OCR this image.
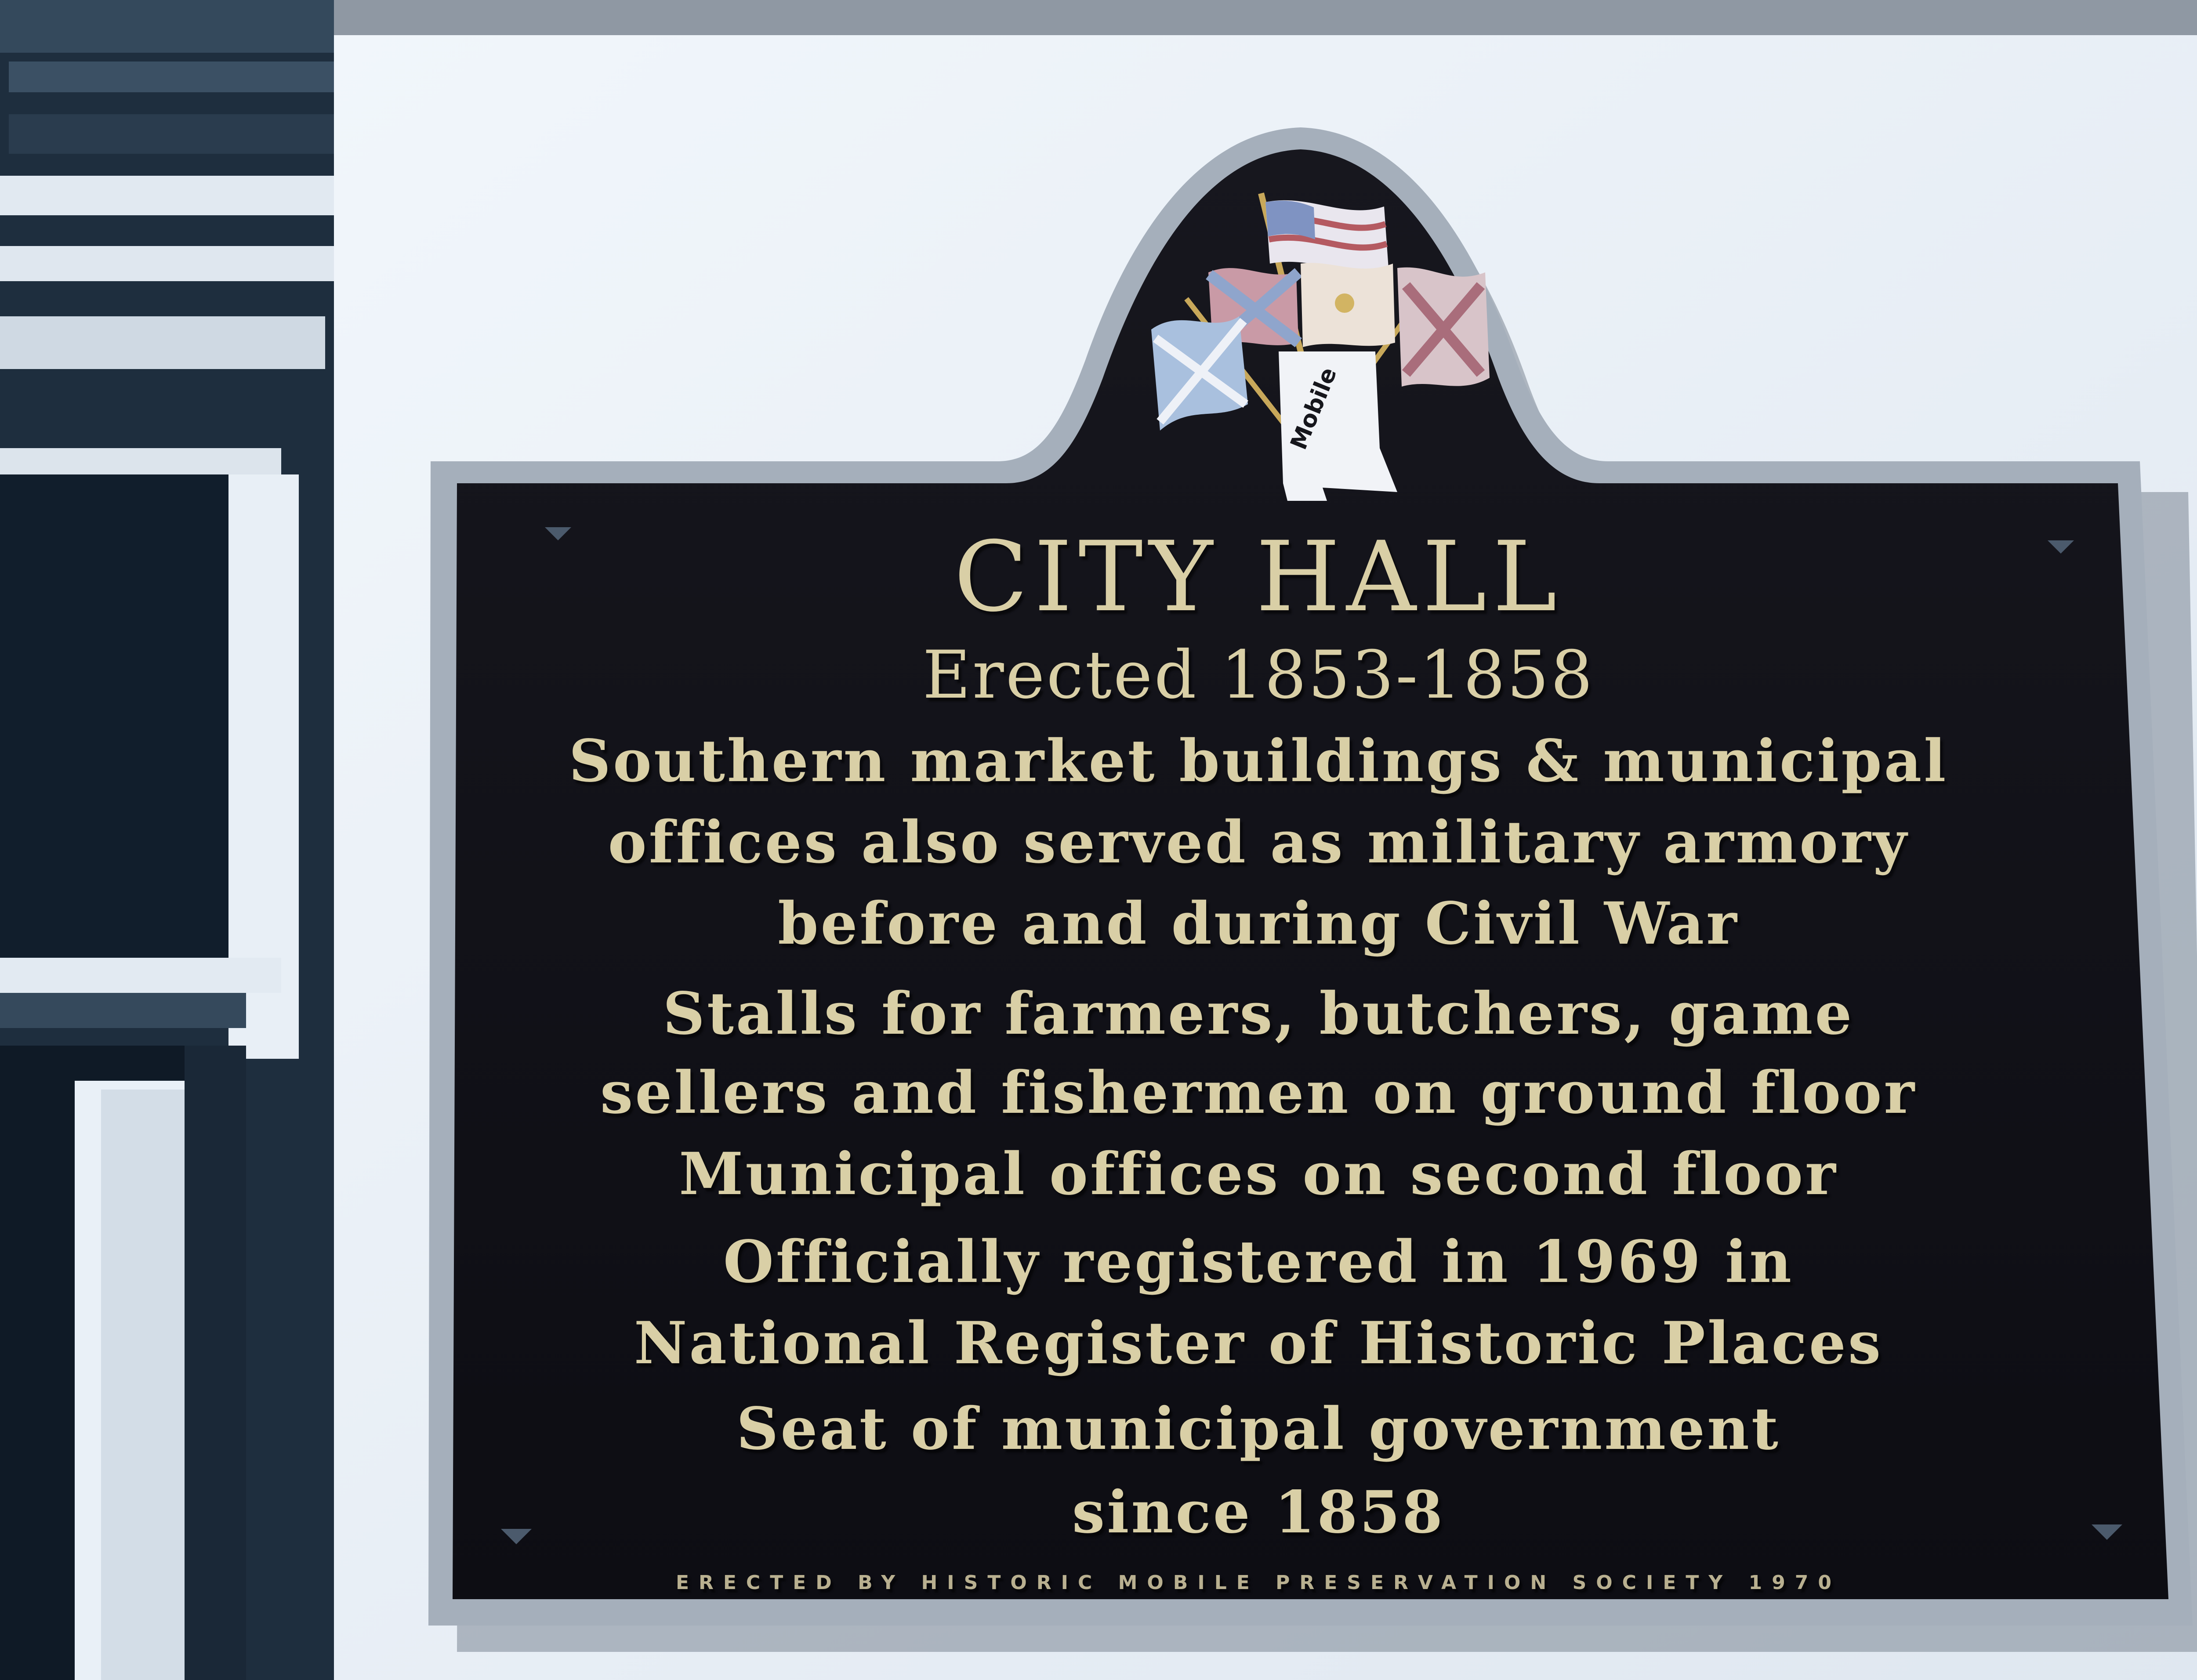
Mobile
CITY HALL
Erected 1853-1858
Southern market buildings & municipal
offices also served as military armory
before and during Civil War
Stalls for farmers, butchers, game
sellers and fishermen on ground floor
Municipal offices on second floor
Officially registered in 1969 in
National Register of Historic Places
Seat of municipal government
since 1858
ERECTED BY HISTORIC MOBILE PRESERVATION SOCIETY 1970
